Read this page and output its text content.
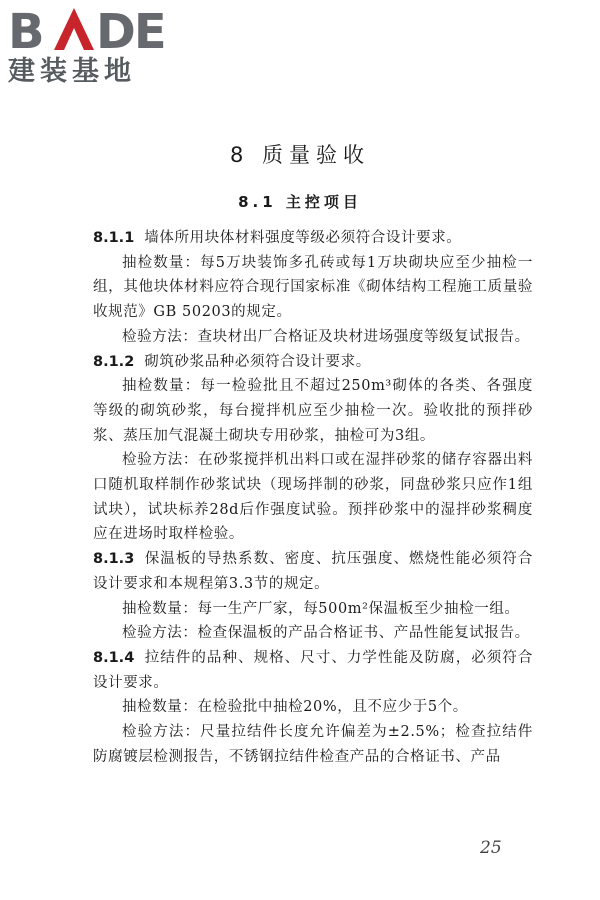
B DE
建装基地
8 质量验收
8.1 主控项目

8.1.1 墙体所用块体材料强度等级必须符合设计要求。

抽检数量：每5万块装饰多孔砖或每1万块砌块应至少抽检一组，其他块体材料应符合现行国家标准《砌体结构工程施工质量验收规范》GB 50203的规定。

检验方法：查块材出厂合格证及块材进场强度等级复试报告。

8.1.2 砌筑砂浆品种必须符合设计要求。

抽检数量：每一检验批且不超过250m³砌体的各类、各强度等级的砌筑砂浆，每台搅拌机应至少抽检一次。验收批的预拌砂浆、蒸压加气混凝土砌块专用砂浆，抽检可为3组。

检验方法：在砂浆搅拌机出料口或在湿拌砂浆的储存容器出料口随机取样制作砂浆试块（现场拌制的砂浆，同盘砂浆只应作1组试块），试块标养28d后作强度试验。预拌砂浆中的湿拌砂浆稠度应在进场时取样检验。

8.1.3 保温板的导热系数、密度、抗压强度、燃烧性能必须符合设计要求和本规程第3.3节的规定。

抽检数量：每一生产厂家，每500m²保温板至少抽检一组。

检验方法：检查保温板的产品合格证书、产品性能复试报告。

8.1.4 拉结件的品种、规格、尺寸、力学性能及防腐，必须符合设计要求。

抽检数量：在检验批中抽检20%，且不应少于5个。

检验方法：尺量拉结件长度允许偏差为±2.5%；检查拉结件防腐镀层检测报告，不锈钢拉结件检查产品的合格证书、产品

25
